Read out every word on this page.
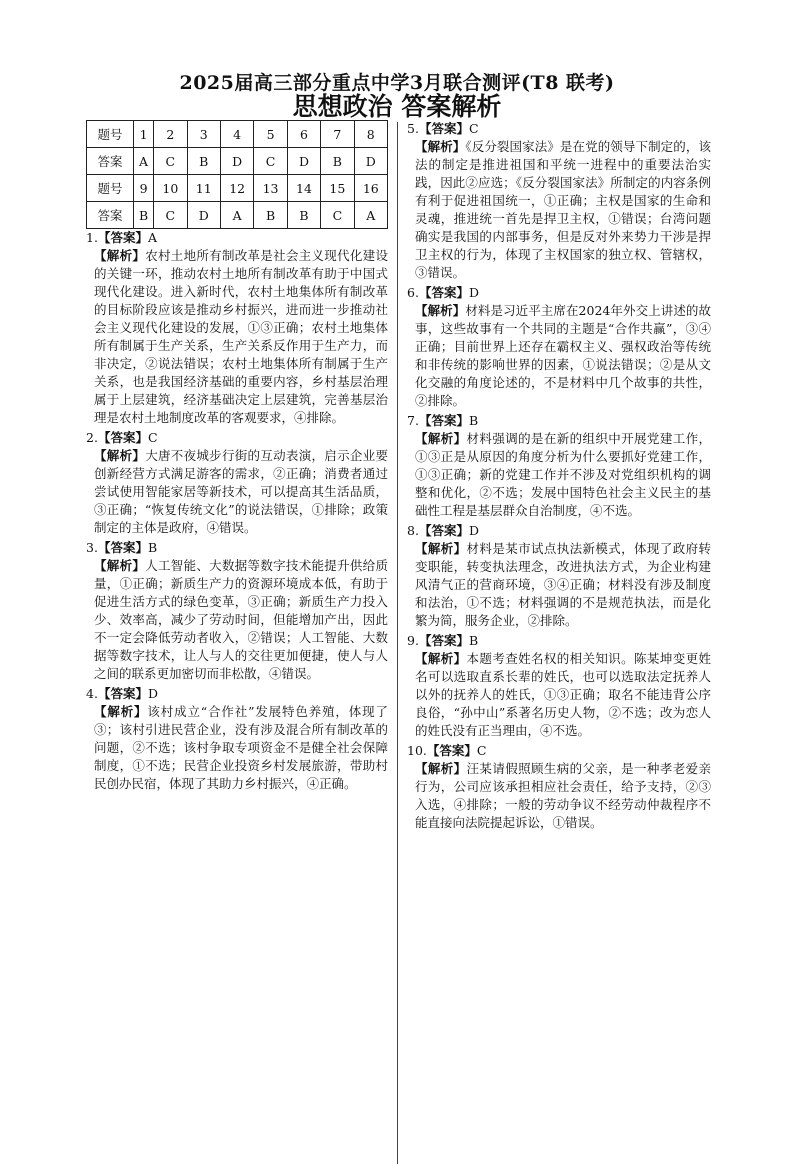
2025届高三部分重点中学3月联合测评(T8 联考)
思想政治 答案解析
题号	1	2	3	4	5	6	7	8
答案	A	C	B	D	C	D	B	D
题号	9	10	11	12	13	14	15	16
答案	B	C	D	A	B	B	C	A
1.【答案】A
【解析】农村土地所有制改革是社会主义现代化建设的关键一环，推动农村土地所有制改革有助于中国式现代化建设。进入新时代，农村土地集体所有制改革的目标阶段应该是推动乡村振兴，进而进一步推动社会主义现代化建设的发展，①③正确；农村土地集体所有制属于生产关系，生产关系反作用于生产力，而非决定，②说法错误；农村土地集体所有制属于生产关系，也是我国经济基础的重要内容，乡村基层治理属于上层建筑，经济基础决定上层建筑，完善基层治理是农村土地制度改革的客观要求，④排除。
2.【答案】C
【解析】大唐不夜城步行街的互动表演，启示企业要创新经营方式满足游客的需求，②正确；消费者通过尝试使用智能家居等新技术，可以提高其生活品质，③正确；“恢复传统文化”的说法错误，①排除；政策制定的主体是政府，④错误。
3.【答案】B
【解析】人工智能、大数据等数字技术能提升供给质量，①正确；新质生产力的资源环境成本低，有助于促进生活方式的绿色变革，③正确；新质生产力投入少、效率高，减少了劳动时间，但能增加产出，因此不一定会降低劳动者收入，②错误；人工智能、大数据等数字技术，让人与人的交往更加便捷，使人与人之间的联系更加密切而非松散，④错误。
4.【答案】D
【解析】该村成立“合作社”发展特色养殖，体现了③；该村引进民营企业，没有涉及混合所有制改革的问题，②不选；该村争取专项资金不是健全社会保障制度，①不选；民营企业投资乡村发展旅游，带助村民创办民宿，体现了其助力乡村振兴，④正确。
5.【答案】C
【解析】《反分裂国家法》是在党的领导下制定的，该法的制定是推进祖国和平统一进程中的重要法治实践，因此②应选；《反分裂国家法》所制定的内容条例有利于促进祖国统一，①正确；主权是国家的生命和灵魂，推进统一首先是捍卫主权，①错误；台湾问题确实是我国的内部事务，但是反对外来势力干涉是捍卫主权的行为，体现了主权国家的独立权、管辖权，③错误。
6.【答案】D
【解析】材料是习近平主席在2024年外交上讲述的故事，这些故事有一个共同的主题是“合作共赢”，③④正确；目前世界上还存在霸权主义、强权政治等传统和非传统的影响世界的因素，①说法错误；②是从文化交融的角度论述的，不是材料中几个故事的共性，②排除。
7.【答案】B
【解析】材料强调的是在新的组织中开展党建工作，①③正是从原因的角度分析为什么要抓好党建工作，①③正确；新的党建工作并不涉及对党组织机构的调整和优化，②不选；发展中国特色社会主义民主的基础性工程是基层群众自治制度，④不选。
8.【答案】D
【解析】材料是某市试点执法新模式，体现了政府转变职能，转变执法理念，改进执法方式，为企业构建风清气正的营商环境，③④正确；材料没有涉及制度和法治，①不选；材料强调的不是规范执法，而是化繁为简，服务企业，②排除。
9.【答案】B
【解析】本题考查姓名权的相关知识。陈某坤变更姓名可以选取直系长辈的姓氏，也可以选取法定抚养人以外的抚养人的姓氏，①③正确；取名不能违背公序良俗，“孙中山”系著名历史人物，②不选；改为恋人的姓氏没有正当理由，④不选。
10.【答案】C
【解析】汪某请假照顾生病的父亲，是一种孝老爱亲行为，公司应该承担相应社会责任，给予支持，②③入选，④排除；一般的劳动争议不经劳动仲裁程序不能直接向法院提起诉讼，①错误。
